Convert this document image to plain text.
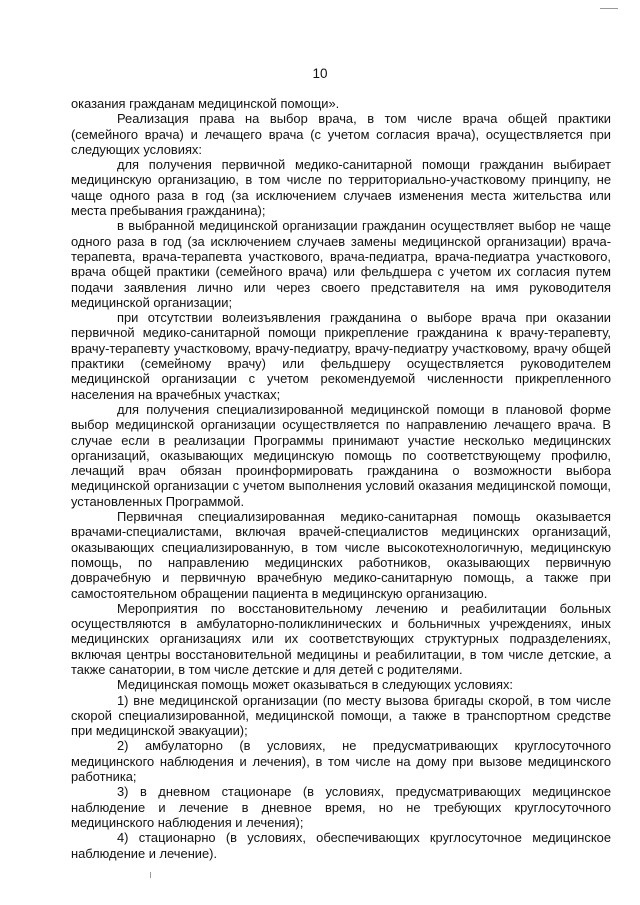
10

оказания гражданам медицинской помощи».

Реализация права на выбор врача, в том числе врача общей практики (семейного врача) и лечащего врача (с учетом согласия врача), осуществляется при следующих условиях:

для получения первичной медико-санитарной помощи гражданин выбирает медицинскую организацию, в том числе по территориально-участковому принципу, не чаще одного раза в год (за исключением случаев изменения места жительства или места пребывания гражданина);

в выбранной медицинской организации гражданин осуществляет выбор не чаще одного раза в год (за исключением случаев замены медицинской организации) врача-терапевта, врача-терапевта участкового, врача-педиатра, врача-педиатра участкового, врача общей практики (семейного врача) или фельдшера с учетом их согласия путем подачи заявления лично или через своего представителя на имя руководителя медицинской организации;

при отсутствии волеизъявления гражданина о выборе врача при оказании первичной медико-санитарной помощи прикрепление гражданина к врачу-терапевту, врачу-терапевту участковому, врачу-педиатру, врачу-педиатру участковому, врачу общей практики (семейному врачу) или фельдшеру осуществляется руководителем медицинской организации с учетом рекомендуемой численности прикрепленного населения на врачебных участках;

для получения специализированной медицинской помощи в плановой форме выбор медицинской организации осуществляется по направлению лечащего врача. В случае если в реализации Программы принимают участие несколько медицинских организаций, оказывающих медицинскую помощь по соответствующему профилю, лечащий врач обязан проинформировать гражданина о возможности выбора медицинской организации с учетом выполнения условий оказания медицинской помощи, установленных Программой.

Первичная специализированная медико-санитарная помощь оказывается врачами-специалистами, включая врачей-специалистов медицинских организаций, оказывающих специализированную, в том числе высокотехнологичную, медицинскую помощь, по направлению медицинских работников, оказывающих первичную доврачебную и первичную врачебную медико-санитарную помощь, а также при самостоятельном обращении пациента в медицинскую организацию.

Мероприятия по восстановительному лечению и реабилитации больных осуществляются в амбулаторно-поликлинических и больничных учреждениях, иных медицинских организациях или их соответствующих структурных подразделениях, включая центры восстановительной медицины и реабилитации, в том числе детские, а также санатории, в том числе детские и для детей с родителями.

Медицинская помощь может оказываться в следующих условиях:

1) вне медицинской организации (по месту вызова бригады скорой, в том числе скорой специализированной, медицинской помощи, а также в транспортном средстве при медицинской эвакуации);

2) амбулаторно (в условиях, не предусматривающих круглосуточного медицинского наблюдения и лечения), в том числе на дому при вызове медицинского работника;

3) в дневном стационаре (в условиях, предусматривающих медицинское наблюдение и лечение в дневное время, но не требующих круглосуточного медицинского наблюдения и лечения);

4) стационарно (в условиях, обеспечивающих круглосуточное медицинское наблюдение и лечение).
